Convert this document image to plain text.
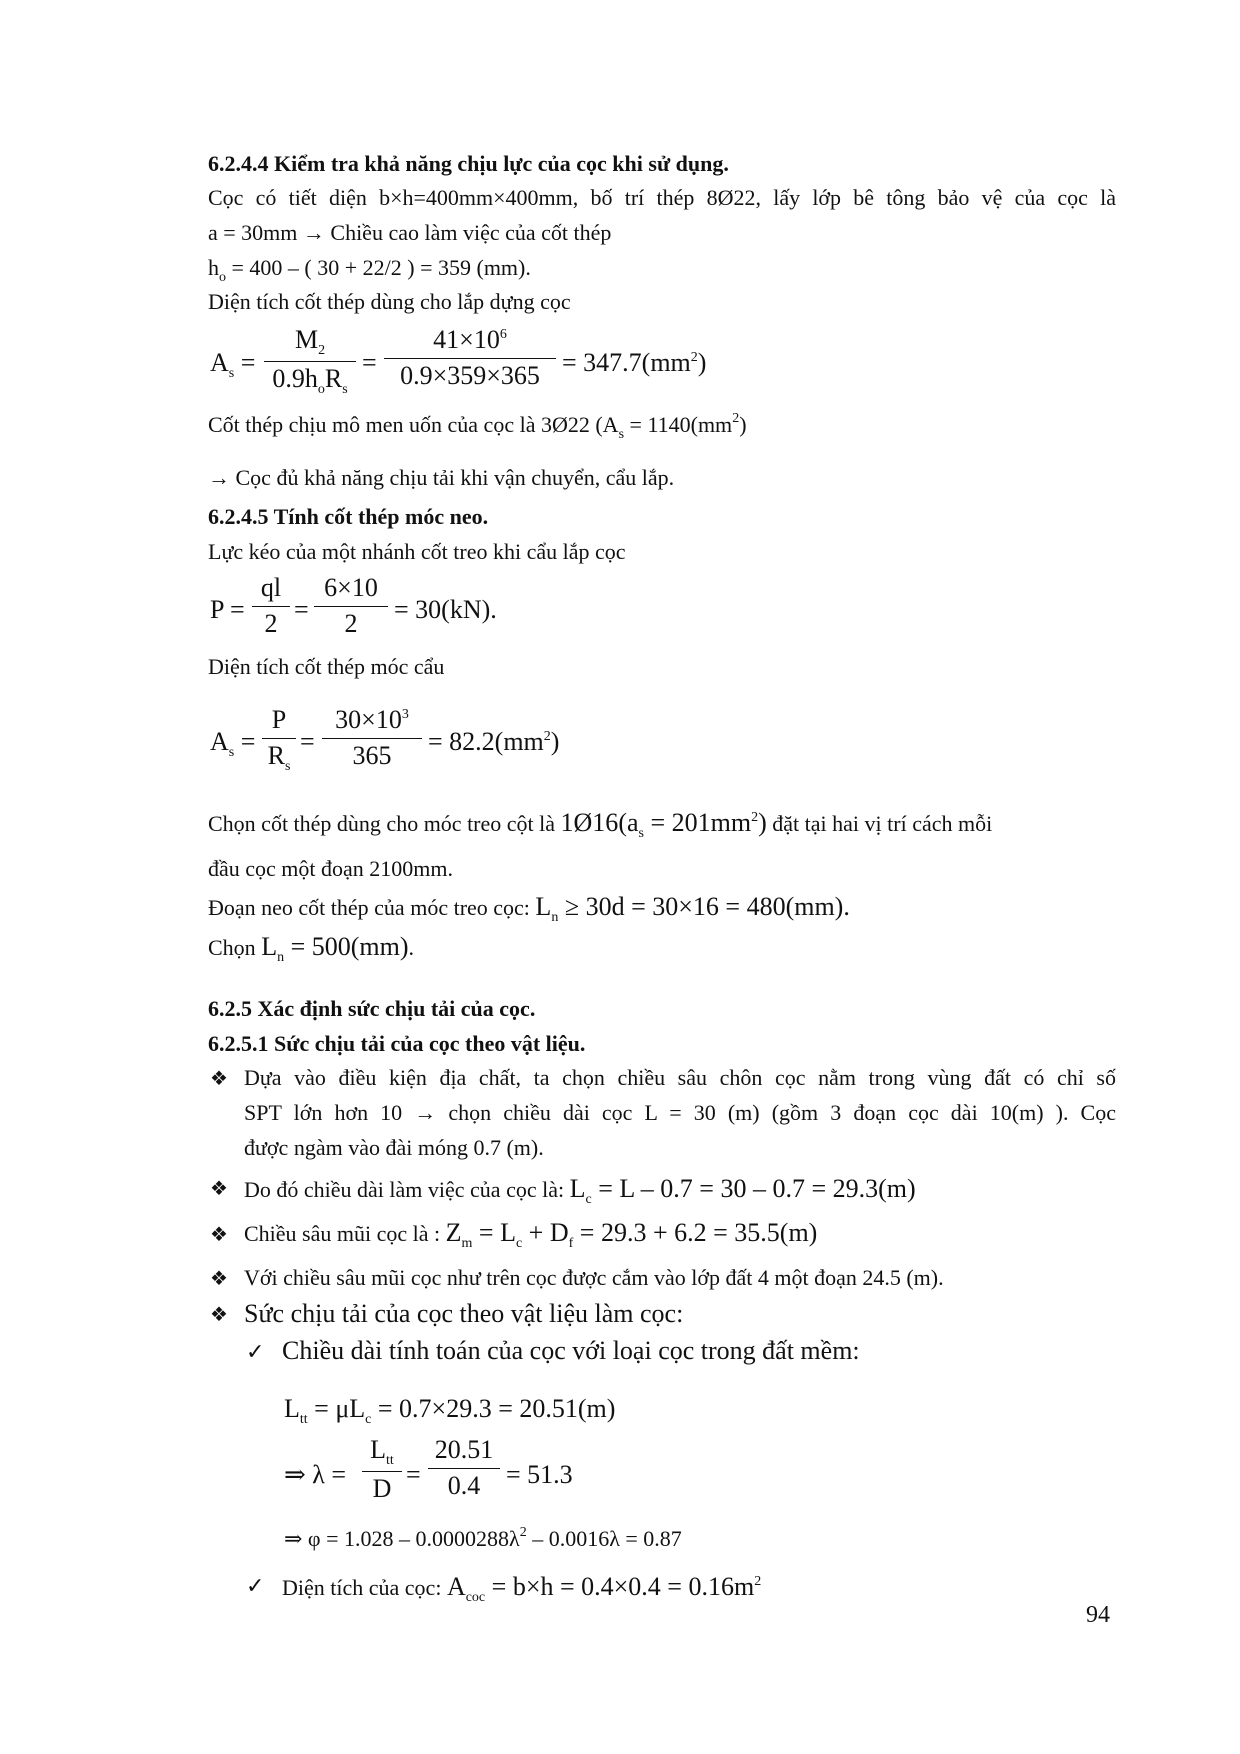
6.2.4.4 Kiểm tra khả năng chịu lực của cọc khi sử dụng.
Cọc có tiết diện b×h=400mm×400mm, bố trí thép 8Ø22, lấy lớp bê tông bảo vệ của cọc là
a = 30mm → Chiều cao làm việc của cốt thép
$h_o = 400$ – ( 30 + 22/2 ) = 359 (mm).
Diện tích cốt thép dùng cho lắp dựng cọc
$A_s$ =
$M_2$
$0.9h_oR_s$
= $\frac{41\times 10^6}{0.9\times 359\times 365} = 347.7(mm^2)$
Cốt thép chịu mô men uốn của cọc là 3Ø22 ($A_s = 1140(mm^2)$
→ Cọc đủ khả năng chịu tải khi vận chuyển, cẩu lắp.
6.2.4.5 Tính cốt thép móc neo.
Lực kéo của một nhánh cốt treo khi cẩu lắp cọc
$P = \frac{ql}{2} = \frac{6\times 10}{2} = 30(kN)$.
Diện tích cốt thép móc cẩu
$A_s = \frac{P}{R_s} = \frac{30\times 10^3}{365} = 82.2(mm^2)$
Chọn cốt thép dùng cho móc treo cột là $1Ø16(a_s = 201mm^2)$ đặt tại hai vị trí cách mỗi
đầu cọc một đoạn 2100mm.
Đoạn neo cốt thép của móc treo cọc: $L_n \ge 30d = 30\times 16 = 480(mm)$.
Chọn $L_n = 500(mm)$.
6.2.5 Xác định sức chịu tải của cọc.
6.2.5.1 Sức chịu tải của cọc theo vật liệu.
❖ Dựa vào điều kiện địa chất, ta chọn chiều sâu chôn cọc nằm trong vùng đất có chỉ số
SPT lớn hơn 10 → chọn chiều dài cọc L = 30 (m) (gồm 3 đoạn cọc dài 10(m) ). Cọc
được ngàm vào đài móng 0.7 (m).
❖ Do đó chiều dài làm việc của cọc là: $L_c = L - 0.7 = 30 - 0.7 = 29.3(m)$
❖ Chiều sâu mũi cọc là : $Z_m = L_c + D_f = 29.3 + 6.2 = 35.5(m)$
❖ Với chiều sâu mũi cọc như trên cọc được cắm vào lớp đất 4 một đoạn 24.5 (m).
❖ Sức chịu tải của cọc theo vật liệu làm cọc:
✓ Chiều dài tính toán của cọc với loại cọc trong đất mềm:
$L_{tt} = \mu L_c = 0.7\times 29.3 = 20.51(m)$
⇒ λ =
$L_{tt}$
$D = \frac{20.51}{0.4} = 51.3$
⇒ $\varphi = 1.028 - 0.0000288\lambda^2 - 0.0016\lambda = 0.87$
✓ Diện tích của cọc: $A_{coc} = b\times h = 0.4\times 0.4 = 0.16m^2$
94
